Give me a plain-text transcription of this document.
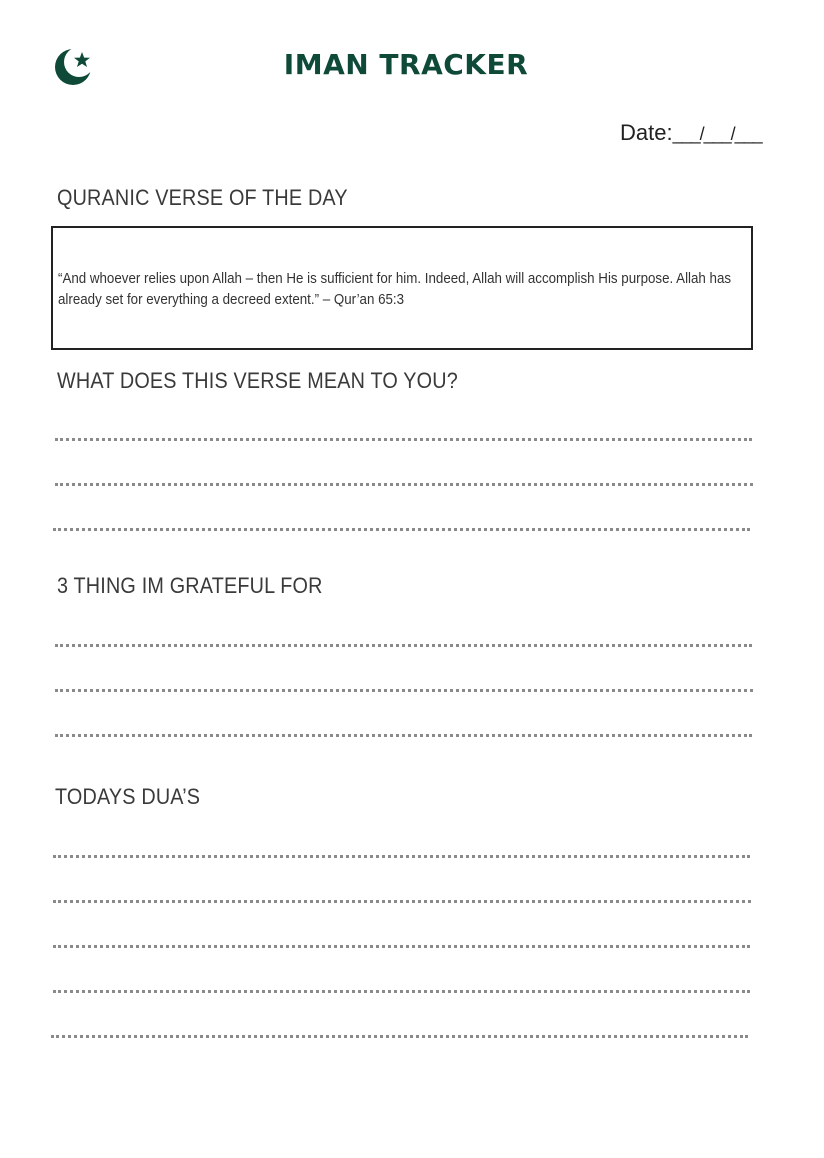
IMAN TRACKER
Date:___/___/___
QURANIC VERSE OF THE DAY
“And whoever relies upon Allah – then He is sufficient for him. Indeed, Allah will accomplish His purpose. Allah has already set for everything a decreed extent.” – Qur’an 65:3
WHAT DOES THIS VERSE MEAN TO YOU?
3 THING IM GRATEFUL FOR
TODAYS DUA’S
